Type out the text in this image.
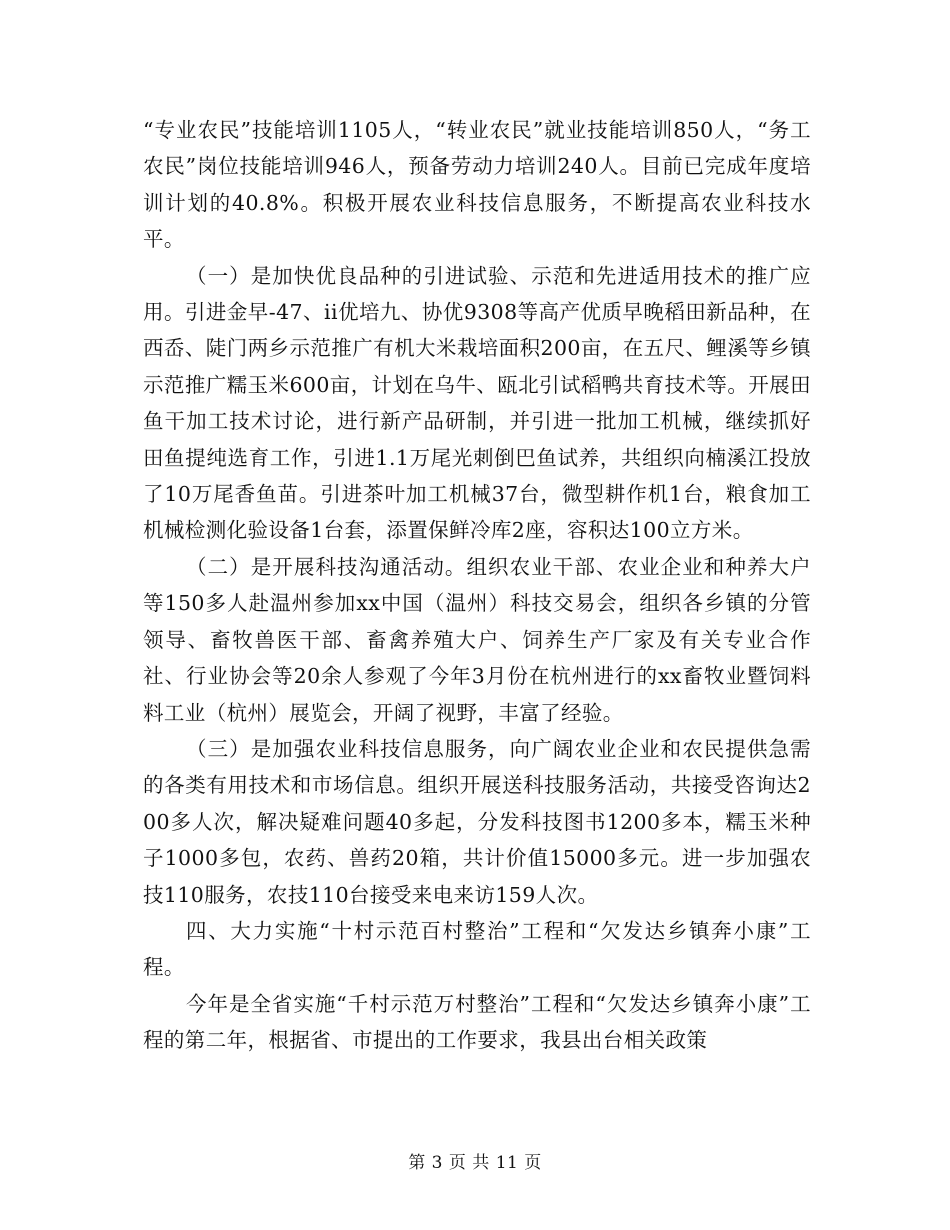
“专业农民”技能培训1105人，“转业农民”就业技能培训850人，“务工农民”岗位技能培训946人，预备劳动力培训240人。目前已完成年度培训计划的40.8%。积极开展农业科技信息服务，不断提高农业科技水平。

（一）是加快优良品种的引进试验、示范和先进适用技术的推广应用。引进金早-47、ii优培九、协优9308等高产优质早晚稻田新品种，在西岙、陡门两乡示范推广有机大米栽培面积200亩，在五尺、鲤溪等乡镇示范推广糯玉米600亩，计划在乌牛、瓯北引试稻鸭共育技术等。开展田鱼干加工技术讨论，进行新产品研制，并引进一批加工机械，继续抓好田鱼提纯选育工作，引进1.1万尾光刺倒巴鱼试养，共组织向楠溪江投放了10万尾香鱼苗。引进茶叶加工机械37台，微型耕作机1台，粮食加工机械检测化验设备1台套，添置保鲜冷库2座，容积达100立方米。

（二）是开展科技沟通活动。组织农业干部、农业企业和种养大户等150多人赴温州参加xx中国（温州）科技交易会，组织各乡镇的分管领导、畜牧兽医干部、畜禽养殖大户、饲养生产厂家及有关专业合作社、行业协会等20余人参观了今年3月份在杭州进行的xx畜牧业暨饲料料工业（杭州）展览会，开阔了视野，丰富了经验。

（三）是加强农业科技信息服务，向广阔农业企业和农民提供急需的各类有用技术和市场信息。组织开展送科技服务活动，共接受咨询达200多人次，解决疑难问题40多起，分发科技图书1200多本，糯玉米种子1000多包，农药、兽药20箱，共计价值15000多元。进一步加强农技110服务，农技110台接受来电来访159人次。

四、大力实施“十村示范百村整治”工程和“欠发达乡镇奔小康”工程。

今年是全省实施“千村示范万村整治”工程和“欠发达乡镇奔小康”工程的第二年，根据省、市提出的工作要求，我县出台相关政策

第 3 页 共 11 页
